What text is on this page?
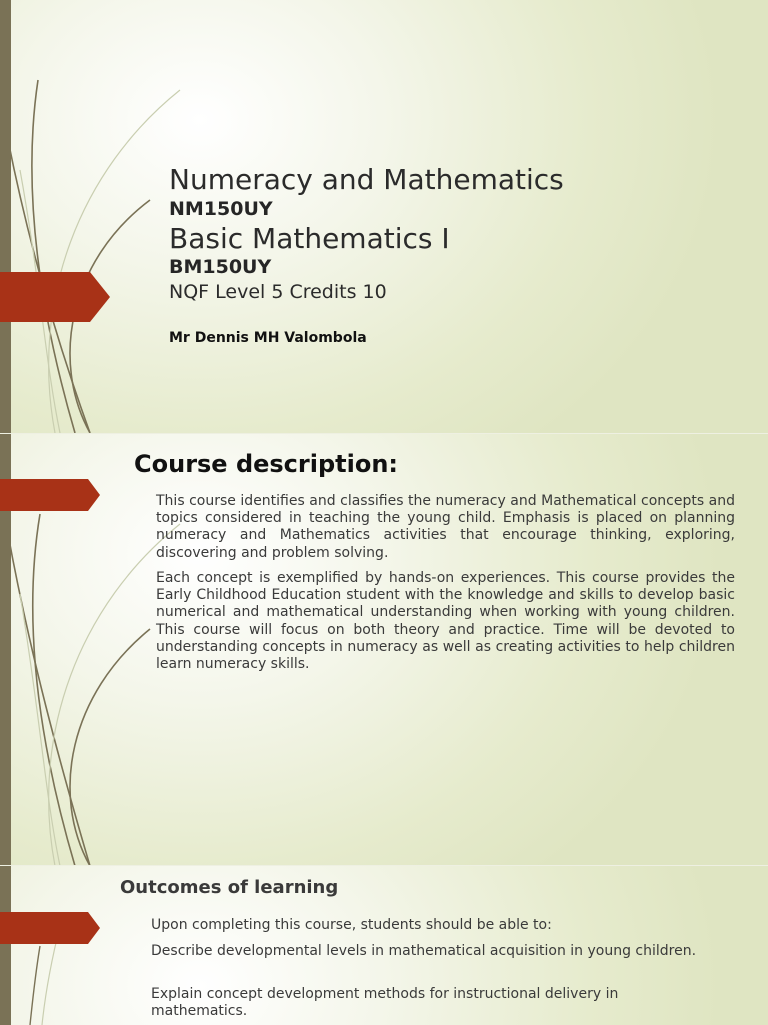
Numeracy and Mathematics
NM150UY
Basic Mathematics I
BM150UY
NQF Level 5 Credits 10
Mr Dennis MH Valombola
Course description:
This course identifies and classifies the numeracy and Mathematical concepts and topics considered in teaching the young child. Emphasis is placed on planning numeracy and Mathematics activities that encourage thinking, exploring, discovering and problem solving.
Each concept is exemplified by hands-on experiences. This course provides the Early Childhood Education student with the knowledge and skills to develop basic numerical and mathematical understanding when working with young children. This course will focus on both theory and practice. Time will be devoted to understanding concepts in numeracy as well as creating activities to help children learn numeracy skills.
Outcomes of learning
Upon completing this course, students should be able to:
Describe developmental levels in mathematical acquisition in young children.
Explain concept development methods for instructional delivery in mathematics.
